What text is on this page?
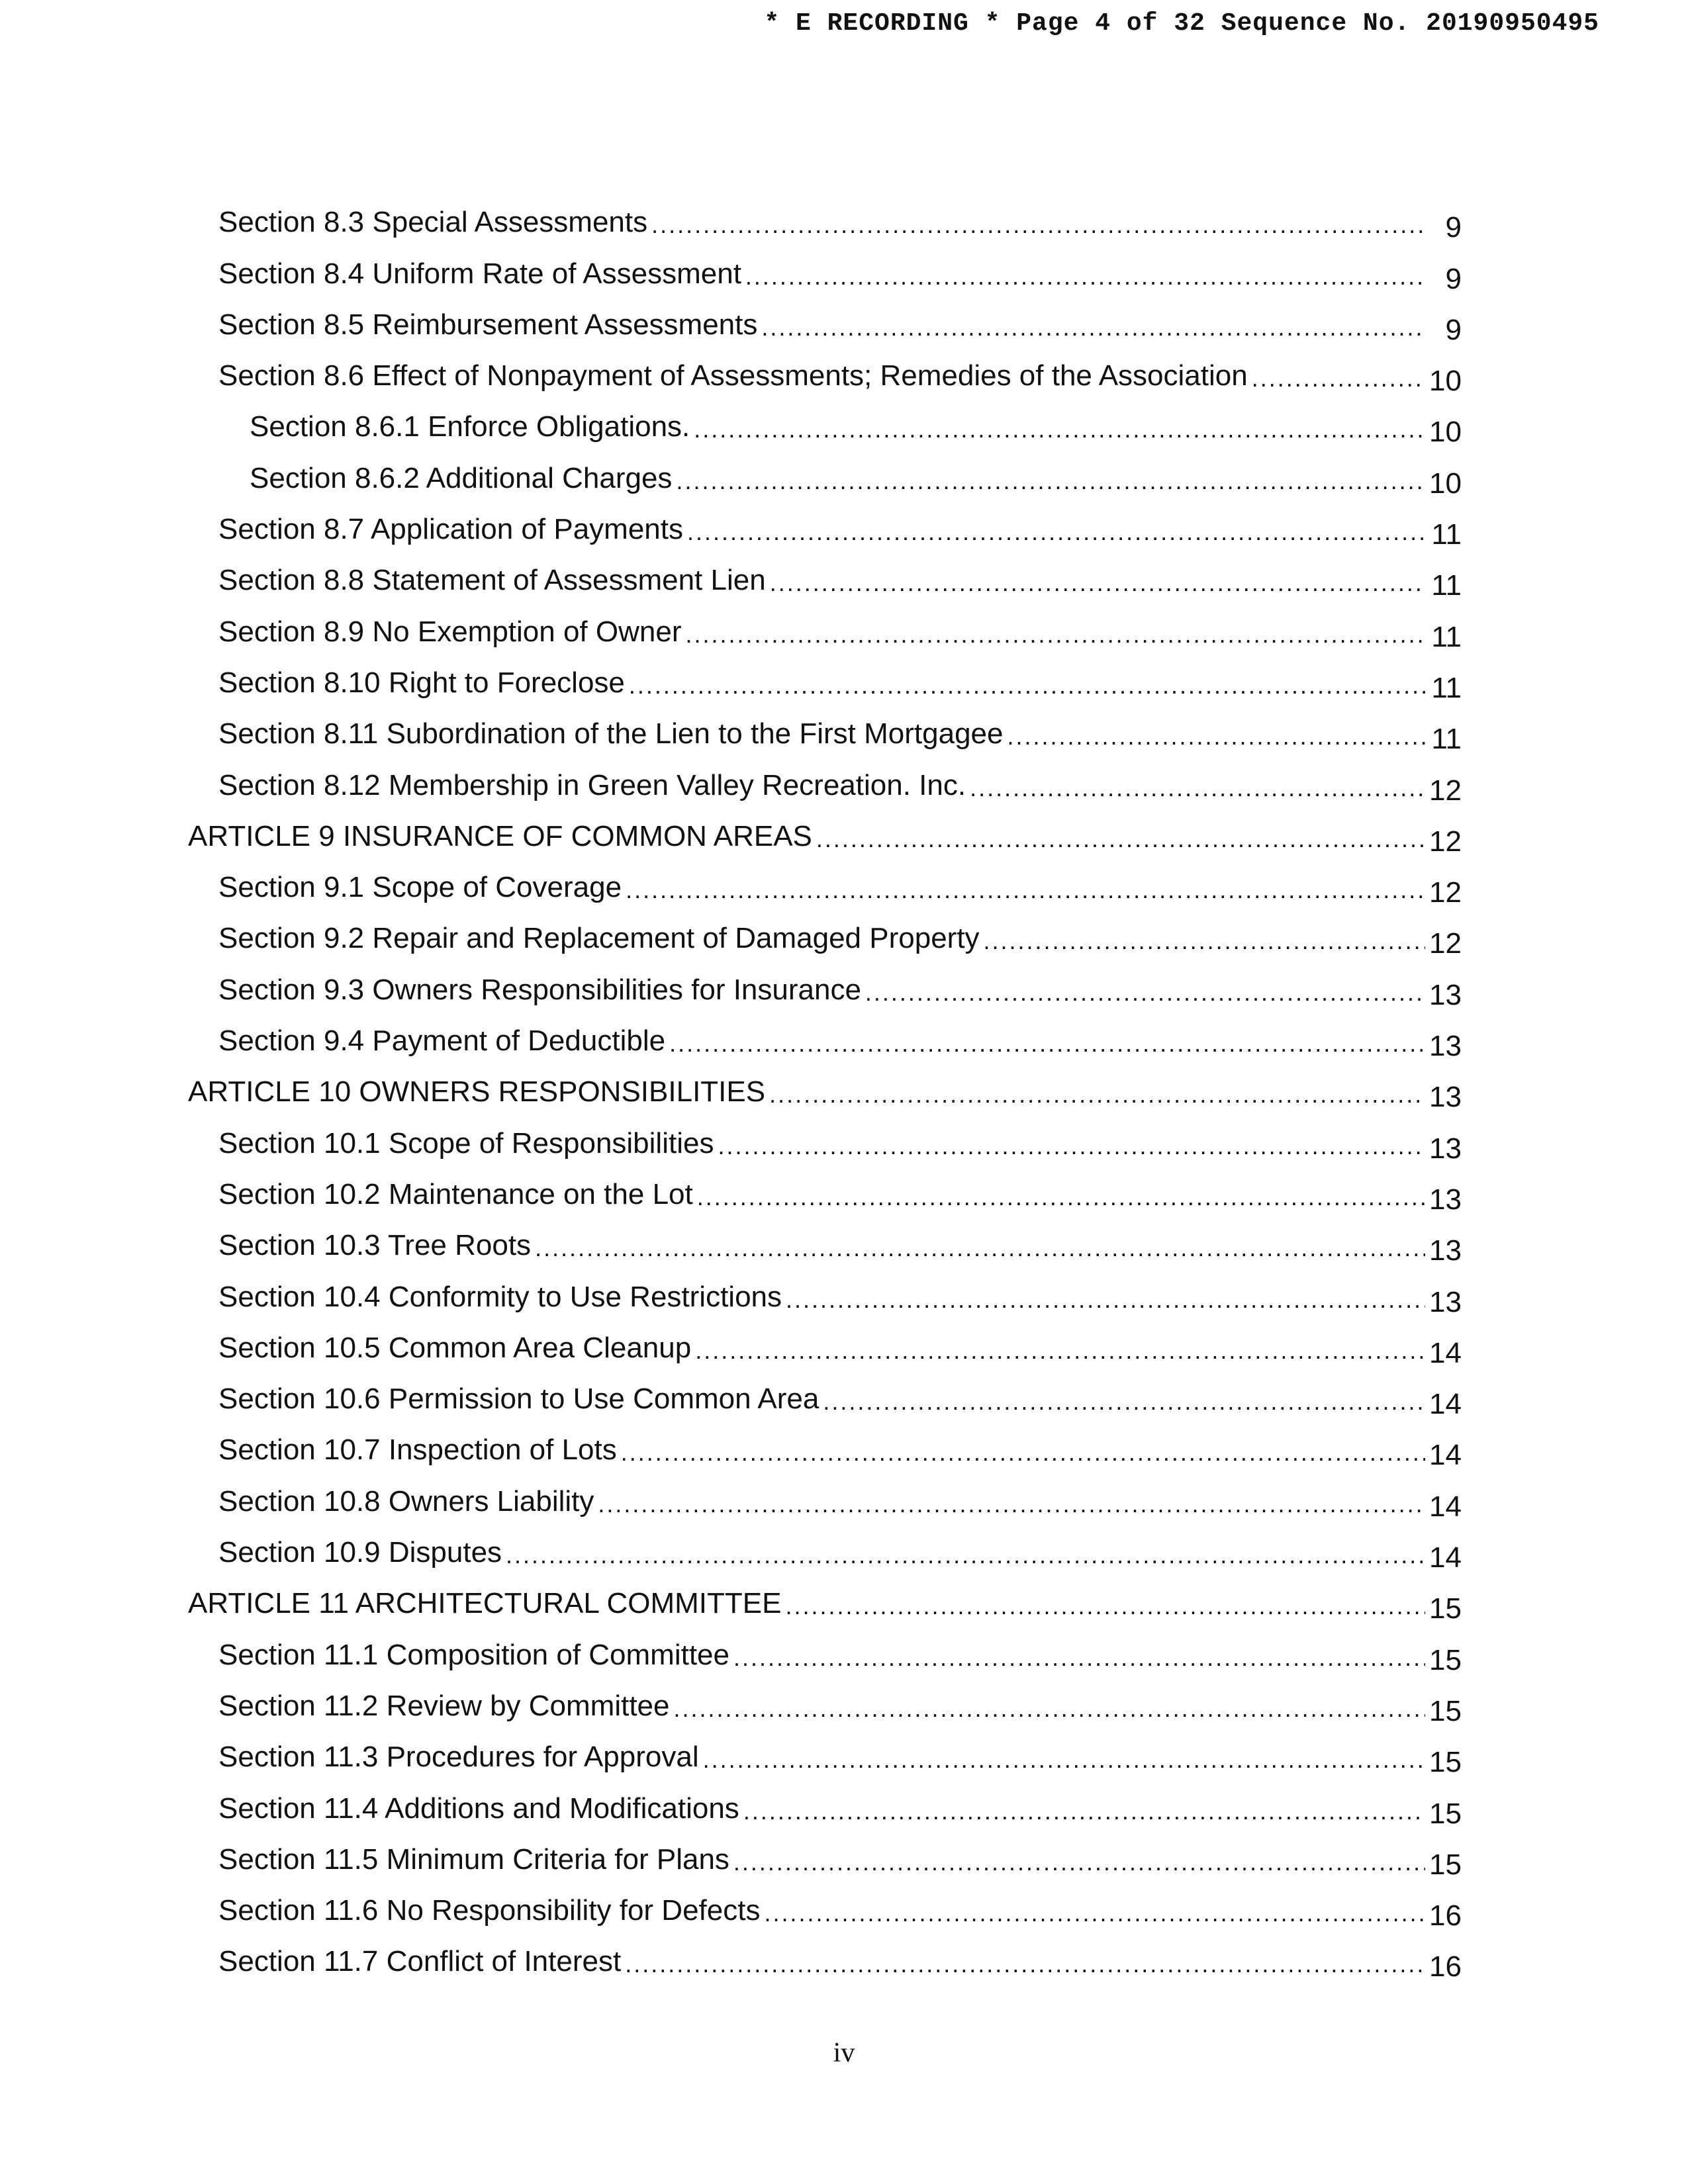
* E RECORDING * Page 4 of 32 Sequence No. 20190950495
Section 8.3 Special Assessments .....	9
Section 8.4 Uniform Rate of Assessment .....	9
Section 8.5 Reimbursement Assessments .....	9
Section 8.6 Effect of Nonpayment of Assessments; Remedies of the Association .....	10
Section 8.6.1 Enforce Obligations. .....	10
Section 8.6.2 Additional Charges .....	10
Section 8.7 Application of Payments .....	11
Section 8.8 Statement of Assessment Lien .....	11
Section 8.9 No Exemption of Owner .....	11
Section 8.10 Right to Foreclose .....	11
Section 8.11 Subordination of the Lien to the First Mortgagee .....	11
Section 8.12 Membership in Green Valley Recreation. Inc. .....	12
ARTICLE 9 INSURANCE OF COMMON AREAS .....	12
Section 9.1 Scope of Coverage .....	12
Section 9.2 Repair and Replacement of Damaged Property .....	12
Section 9.3 Owners Responsibilities for Insurance .....	13
Section 9.4 Payment of Deductible .....	13
ARTICLE 10 OWNERS RESPONSIBILITIES .....	13
Section 10.1 Scope of Responsibilities .....	13
Section 10.2 Maintenance on the Lot .....	13
Section 10.3 Tree Roots .....	13
Section 10.4 Conformity to Use Restrictions .....	13
Section 10.5 Common Area Cleanup .....	14
Section 10.6 Permission to Use Common Area .....	14
Section 10.7 Inspection of Lots .....	14
Section 10.8 Owners Liability .....	14
Section 10.9 Disputes .....	14
ARTICLE 11 ARCHITECTURAL COMMITTEE .....	15
Section 11.1 Composition of Committee .....	15
Section 11.2 Review by Committee .....	15
Section 11.3 Procedures for Approval .....	15
Section 11.4 Additions and Modifications .....	15
Section 11.5 Minimum Criteria for Plans .....	15
Section 11.6 No Responsibility for Defects .....	16
Section 11.7 Conflict of Interest .....	16
iv
